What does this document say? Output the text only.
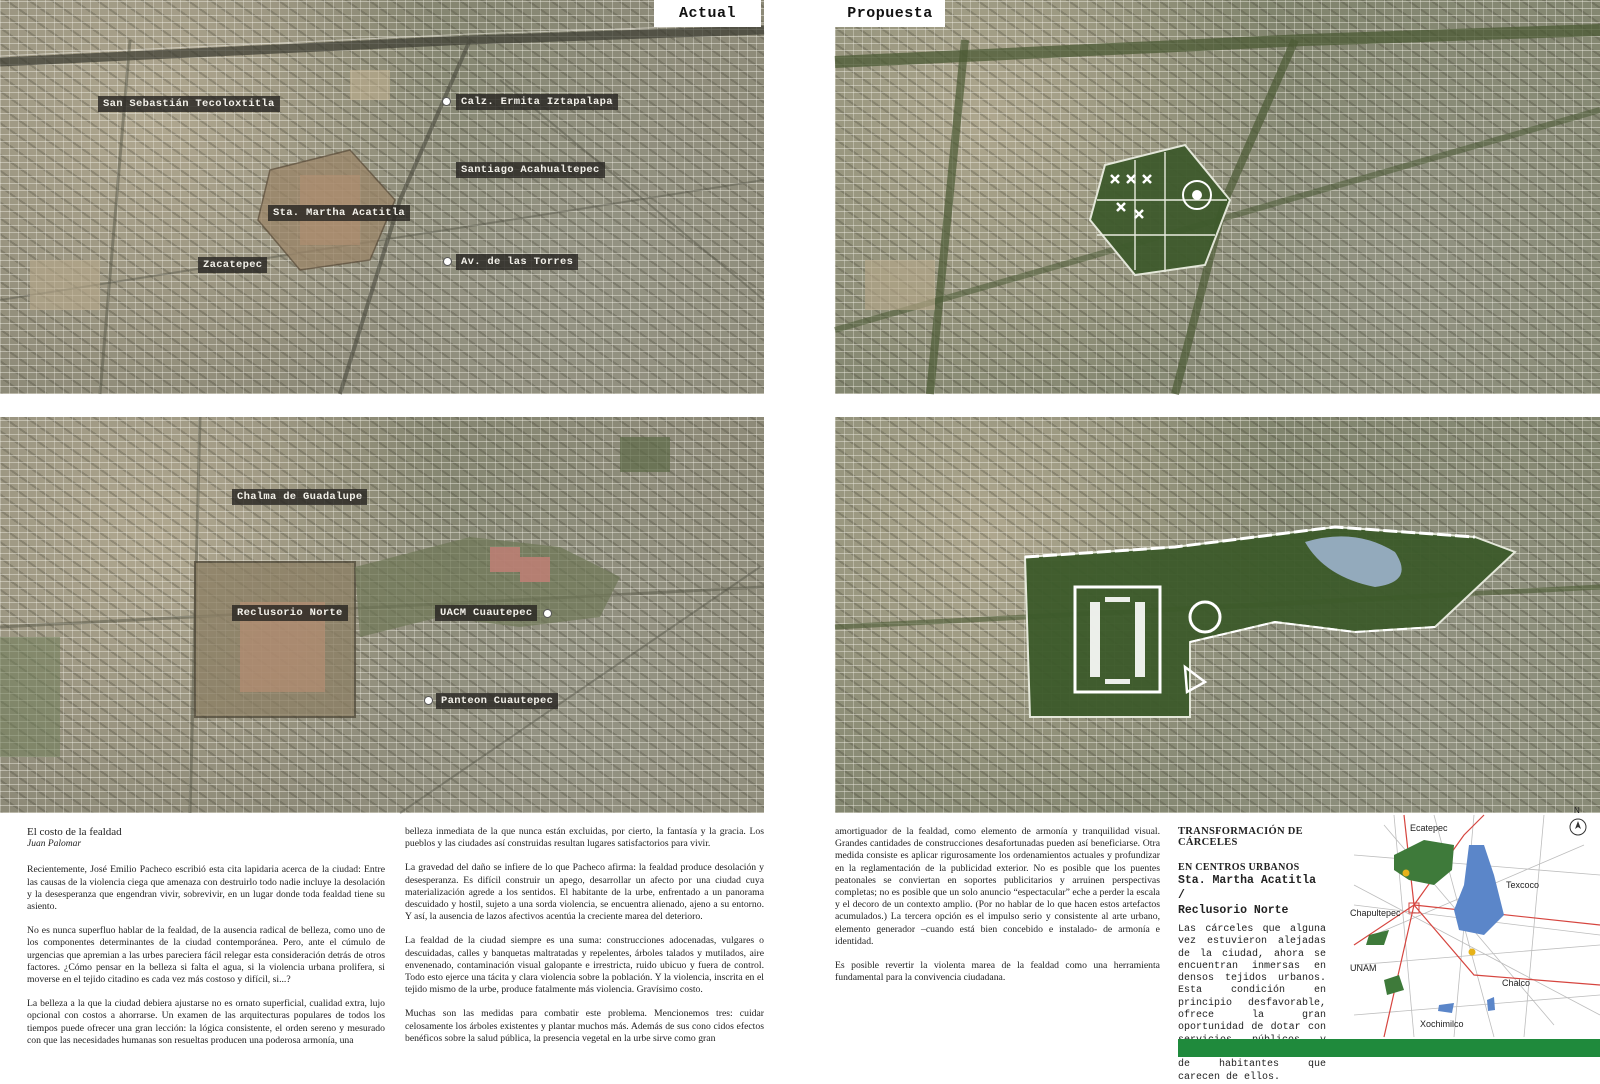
San Sebastián Tecoloxtitla	Calz. Ermita Iztapalapa
Santiago Acahualtepec
Sta. Martha Acatitla
Zacatepec	Av. de las Torres
Actual	Propuesta
Chalma de Guadalupe
Reclusorio Norte	UACM Cuautepec
Panteon Cuautepec

El costo de la fealdad

Juan Palomar

Recientemente, José Emilio Pacheco escribió esta cita lapidaria acerca de la ciudad: Entre las causas de la violencia ciega que amenaza con destruirlo todo nadie incluye la desolación y la desesperanza que engendran vivir, sobrevivir, en un lugar donde toda fealdad tiene su asiento.

No es nunca superfluo hablar de la fealdad, de la ausencia radical de belleza, como uno de los componentes determinantes de la ciudad contemporánea. Pero, ante el cúmulo de urgencias que apremian a las urbes pareciera fácil relegar esta consideración detrás de otros factores. ¿Cómo pensar en la belleza si falta el agua, si la violencia urbana prolifera, si moverse en el tejido citadino es cada vez más costoso y difícil, si...?

La belleza a la que la ciudad debiera ajustarse no es ornato superficial, cualidad extra, lujo opcional con costos a ahorrarse. Un examen de las arquitecturas populares de todos los tiempos puede ofrecer una gran lección: la lógica consistente, el orden sereno y mesurado con que las necesidades humanas son resueltas producen una poderosa armonía, una

belleza inmediata de la que nunca están excluidas, por cierto, la fantasía y la gracia. Los pueblos y las ciudades así construidas resultan lugares satisfactorios para vivir.

La gravedad del daño se infiere de lo que Pacheco afirma: la fealdad produce desolación y desesperanza. Es difícil construir un apego, desarrollar un afecto por una ciudad cuya materialización agrede a los sentidos. El habitante de la urbe, enfrentado a un panorama descuidado y hostil, sujeto a una sorda violencia, se encuentra alienado, ajeno a su entorno. Y así, la ausencia de lazos afectivos acentúa la creciente marea del deterioro.

La fealdad de la ciudad siempre es una suma: construcciones adocenadas, vulgares o descuidadas, calles y banquetas maltratadas y repelentes, árboles talados y mutilados, aire envenenado, contaminación visual galopante e irrestricta, ruido ubicuo y fuera de control. Todo esto ejerce una tácita y clara violencia sobre la población. Y la violencia, inscrita en el tejido mismo de la urbe, produce fatalmente más violencia. Gravísimo costo.

Muchas son las medidas para combatir este problema. Mencionemos tres: cuidar celosamente los árboles existentes y plantar muchos más. Además de sus cono cidos efectos benéficos sobre la salud pública, la presencia vegetal en la urbe sirve como gran

amortiguador de la fealdad, como elemento de armonía y tranquilidad visual. Grandes cantidades de construcciones desafortunadas pueden así beneficiarse. Otra medida consiste es aplicar rigurosamente los ordenamientos actuales y profundizar en la reglamentación de la publicidad exterior. No es posible que los puentes peatonales se conviertan en soportes publicitarios y arruinen perspectivas completas; no es posible que un solo anuncio “espectacular” eche a perder la escala y el decoro de un contexto amplio. (Por no hablar de lo que hacen estos artefactos acumulados.) La tercera opción es el impulso serio y consistente al arte urbano, elemento generador –cuando está bien concebido e instalado- de armonía e identidad.

Es posible revertir la violenta marea de la fealdad como una herramienta fundamental para la convivencia ciudadana.

TRANSFORMACIÓN DE CÁRCELES
EN CENTROS URBANOS
Sta. Martha Acatitla /
Reclusorio Norte
Las cárceles que alguna vez estuvieron alejadas de la ciudad, ahora se encuentran inmersas en densos tejidos urbanos. Esta condición en principio desfavorable, ofrece la gran oportunidad de dotar con de habitantes que carecen de ellos.
N
Ecatepec
Texcoco
Chapultepec
UNAM
Chalco
Xochimilco
